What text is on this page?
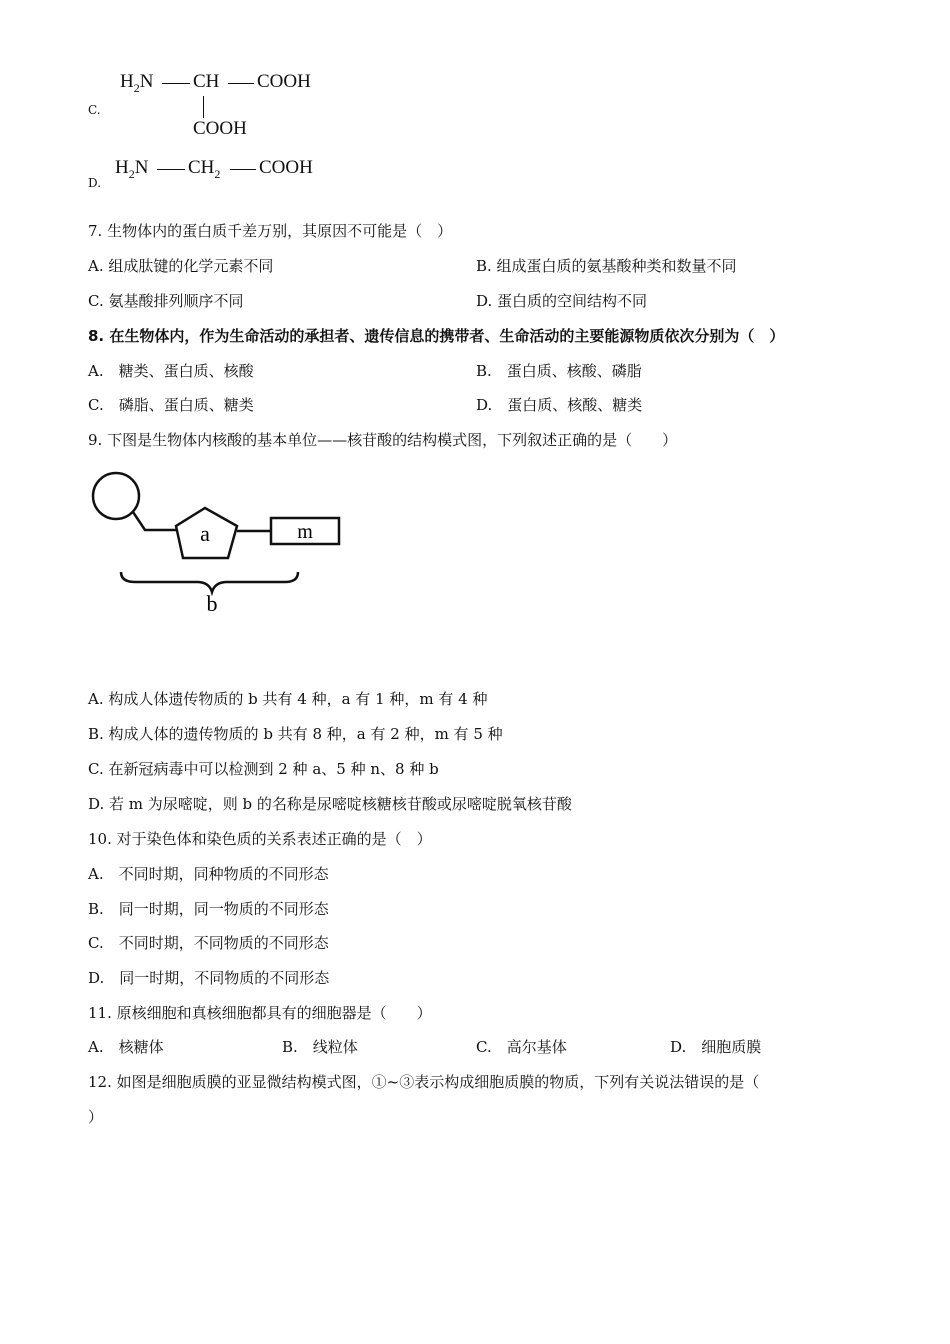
C.
$H_2N$ CH COOH
COOH
D.
$H_2N$ $CH_2$ COOH
7. 生物体内的蛋白质千差万别，其原因不可能是（　）
A. 组成肽键的化学元素不同	B. 组成蛋白质的氨基酸种类和数量不同
C. 氨基酸排列顺序不同	D. 蛋白质的空间结构不同
8. 在生物体内，作为生命活动的承担者、遗传信息的携带者、生命活动的主要能源物质依次分别为（　）
A.　糖类、蛋白质、核酸	B.　蛋白质、核酸、磷脂
C.　磷脂、蛋白质、糖类	D.　蛋白质、核酸、糖类
9. 下图是生物体内核酸的基本单位——核苷酸的结构模式图，下列叙述正确的是（　　）
a	m
b
A. 构成人体遗传物质的 b 共有 4 种，a 有 1 种，m 有 4 种
B. 构成人体的遗传物质的 b 共有 8 种，a 有 2 种，m 有 5 种
C. 在新冠病毒中可以检测到 2 种 a、5 种 n、8 种 b
D. 若 m 为尿嘧啶，则 b 的名称是尿嘧啶核糖核苷酸或尿嘧啶脱氧核苷酸
10. 对于染色体和染色质的关系表述正确的是（　）
A.　不同时期，同种物质的不同形态
B.　同一时期，同一物质的不同形态
C.　不同时期，不同物质的不同形态
D.　同一时期，不同物质的不同形态
11. 原核细胞和真核细胞都具有的细胞器是（　　）
A.　核糖体	B.　线粒体	C.　高尔基体	D.　细胞质膜
12. 如图是细胞质膜的亚显微结构模式图，①~③表示构成细胞质膜的物质，下列有关说法错误的是（
）
